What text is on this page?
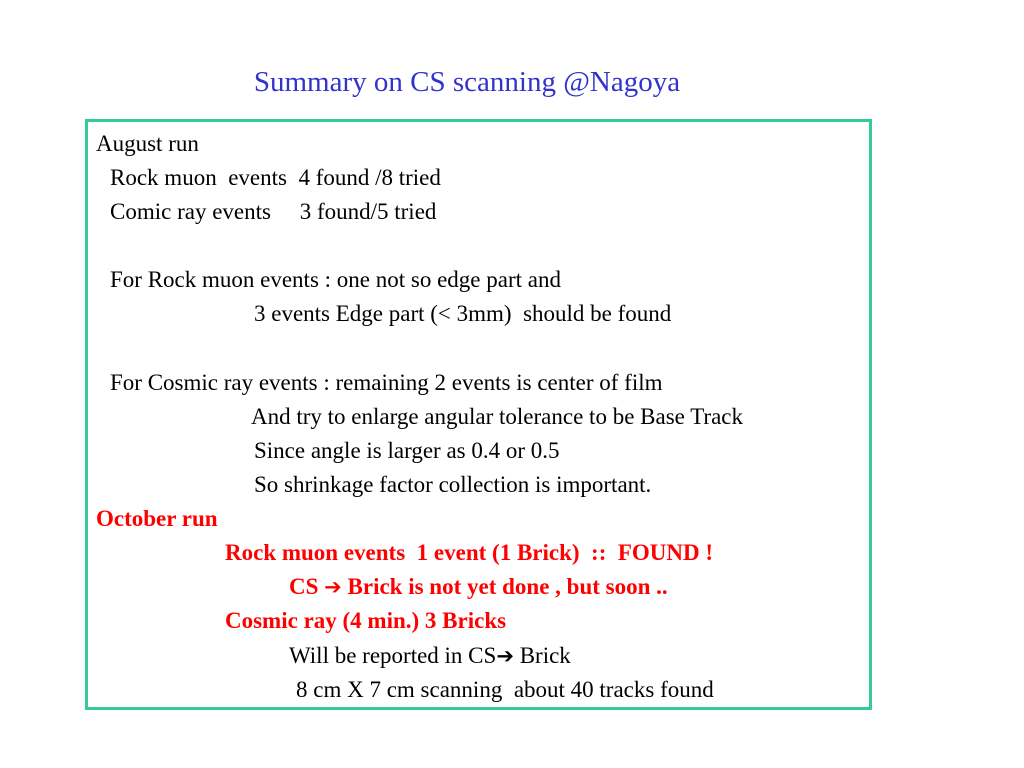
Summary on CS scanning @Nagoya
August run
Rock muon  events  4 found /8 tried
Comic ray events     3 found/5 tried
For Rock muon events : one not so edge part and
3 events Edge part (< 3mm)  should be found
For Cosmic ray events : remaining 2 events is center of film
And try to enlarge angular tolerance to be Base Track
Since angle is larger as 0.4 or 0.5
So shrinkage factor collection is important.
October run
Rock muon events  1 event (1 Brick)  ::  FOUND !
CS ➔ Brick is not yet done , but soon ..
Cosmic ray (4 min.) 3 Bricks
Will be reported in CS➔ Brick
8 cm X 7 cm scanning  about 40 tracks found
